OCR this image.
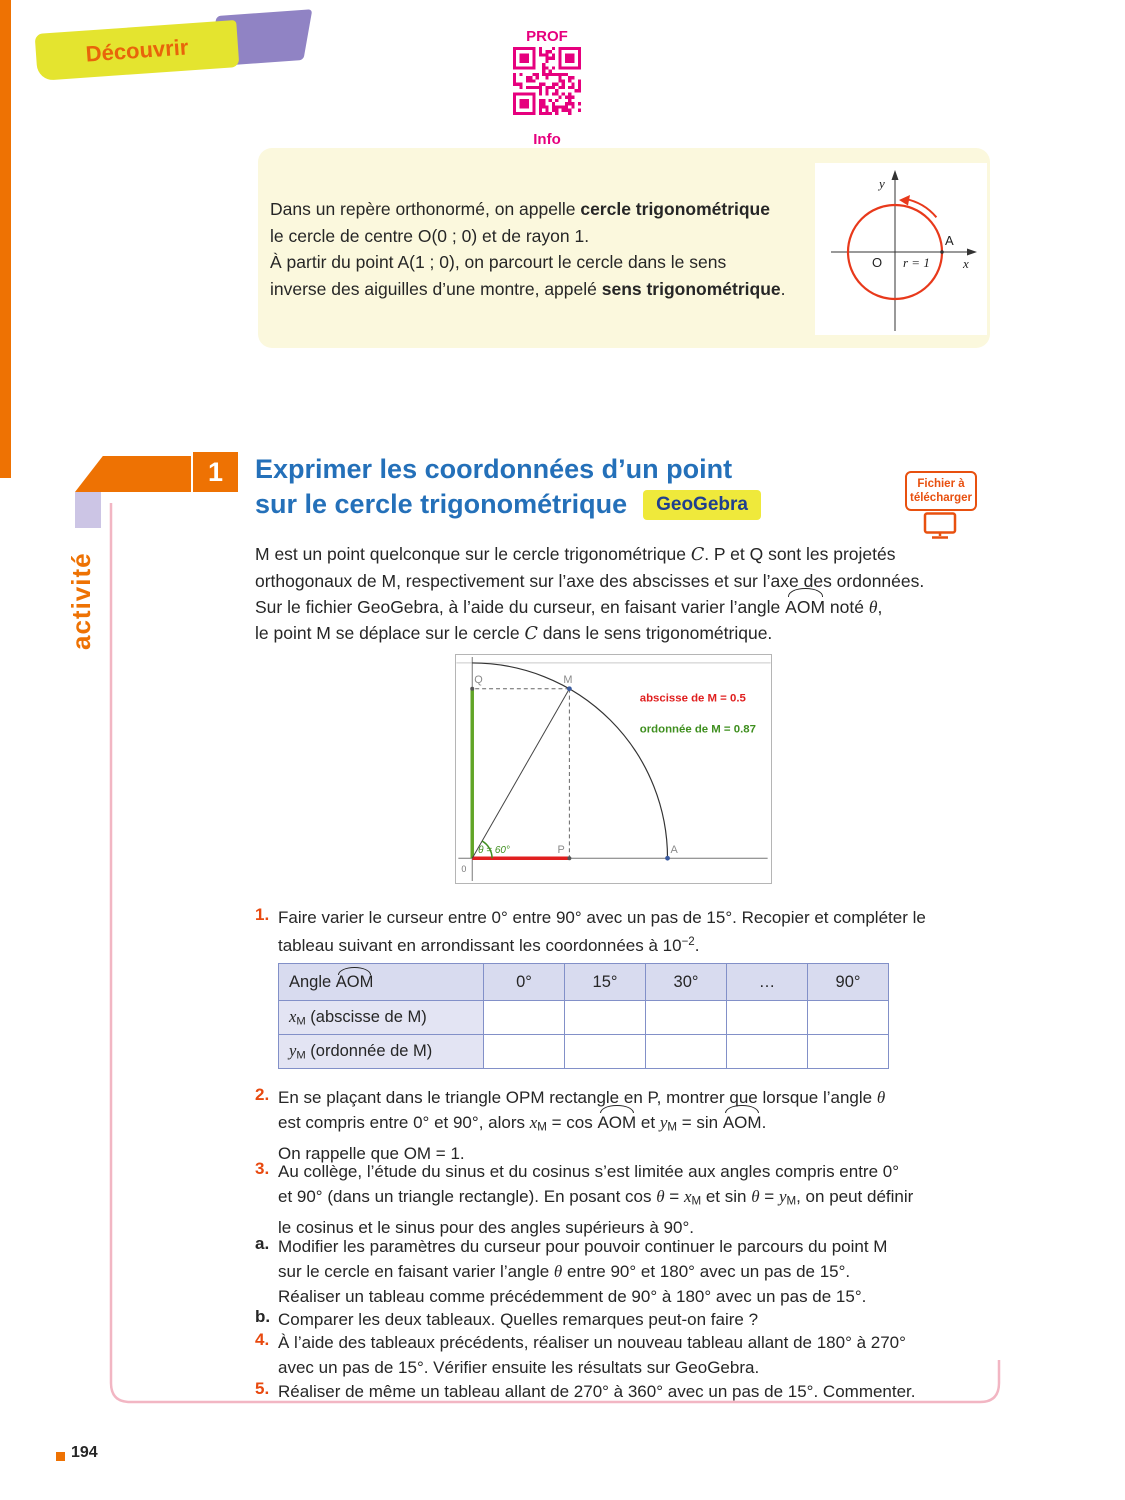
Découvrir	PROF
Info
Dans un repère orthonormé, on appelle cercle trigonométrique
le cercle de centre O(0 ; 0) et de rayon 1.
À partir du point A(1 ; 0), on parcourt le cercle dans le sens
inverse des aiguilles d’une montre, appelé sens trigonométrique.
y
x
O r = 1
A
1
activité
Exprimer les coordonnées d’un point
sur le cercle trigonométrique	GeoGebra
Fichier à
télécharger
M est un point quelconque sur le cercle trigonométrique C. P et Q sont les projetés
orthogonaux de M, respectivement sur l’axe des abscisses et sur l’axe des ordonnées.
Sur le fichier GeoGebra, à l’aide du curseur, en faisant varier l’angle AOM noté θ,
le point M se déplace sur le cercle C dans le sens trigonométrique.
Q	M
P	A
0
θ = 60°
abscisse de M = 0.5
ordonnée de M = 0.87
1. Faire varier le curseur entre 0° entre 90° avec un pas de 15°. Recopier et compléter le
tableau suivant en arrondissant les coordonnées à $10^{-2}$.
Angle AOM	0°	15°	30°	…	90°
xM (abscisse de M)					
yM (ordonnée de M)					
2. En se plaçant dans le triangle OPM rectangle en P, montrer que lorsque l’angle θ
est compris entre 0° et 90°, alors xM = cos AOM et yM = sin AOM.
On rappelle que OM = 1.
3. Au collège, l’étude du sinus et du cosinus s’est limitée aux angles compris entre 0°
et 90° (dans un triangle rectangle). En posant cos θ = xM et sin θ = yM, on peut définir
le cosinus et le sinus pour des angles supérieurs à 90°.
a. Modifier les paramètres du curseur pour pouvoir continuer le parcours du point M
sur le cercle en faisant varier l’angle θ entre 90° et 180° avec un pas de 15°.
Réaliser un tableau comme précédemment de 90° à 180° avec un pas de 15°.
b. Comparer les deux tableaux. Quelles remarques peut-on faire ?
4. À l’aide des tableaux précédents, réaliser un nouveau tableau allant de 180° à 270°
avec un pas de 15°. Vérifier ensuite les résultats sur GeoGebra.
5. Réaliser de même un tableau allant de 270° à 360° avec un pas de 15°. Commenter.
194
